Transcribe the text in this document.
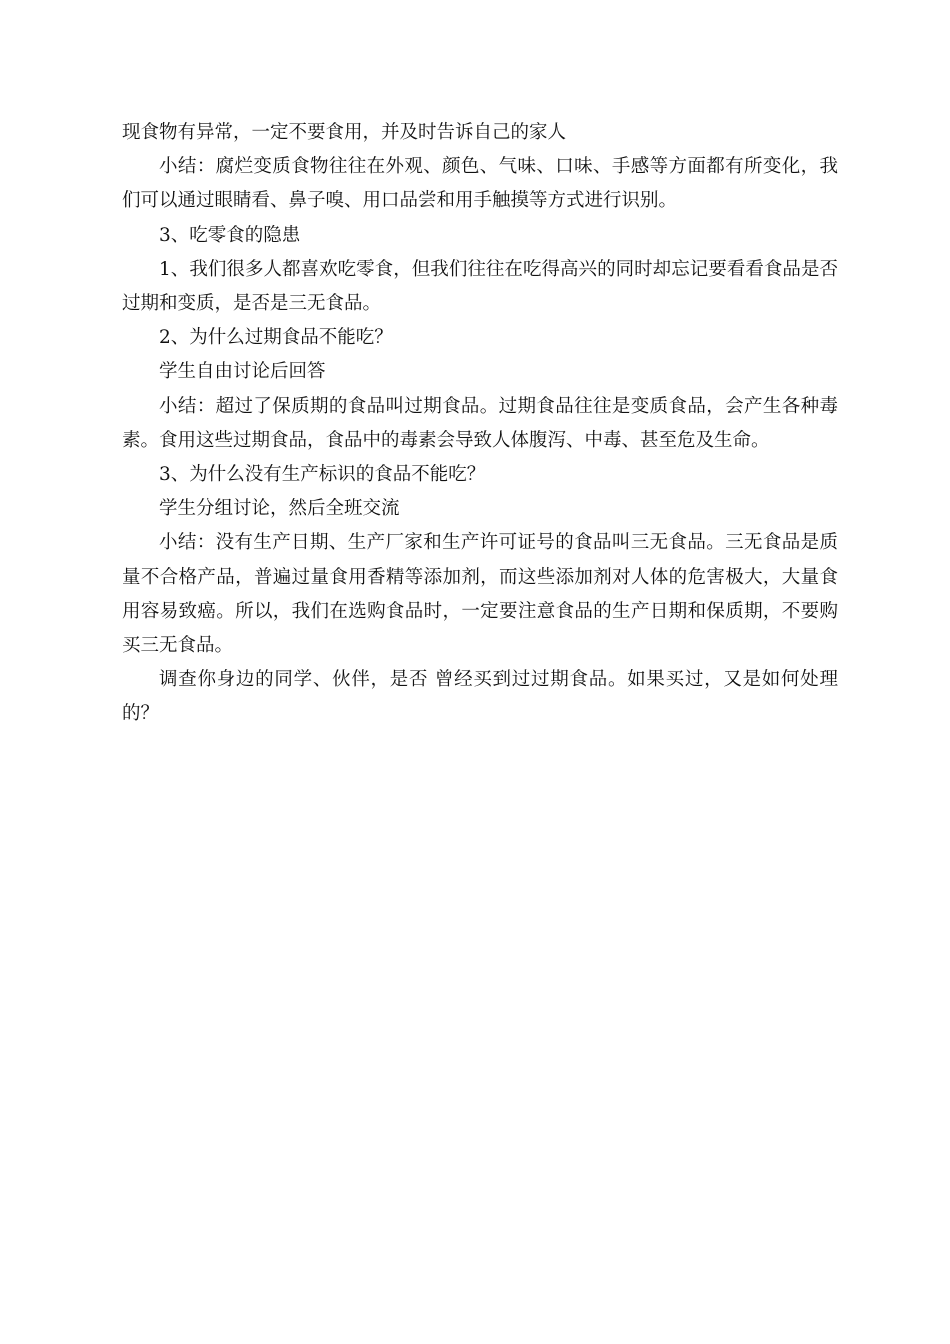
现食物有异常，一定不要食用，并及时告诉自己的家人

小结：腐烂变质食物往往在外观、颜色、气味、口味、手感等方面都有所变化，我们可以通过眼睛看、鼻子嗅、用口品尝和用手触摸等方式进行识别。

3、吃零食的隐患

1、我们很多人都喜欢吃零食，但我们往往在吃得高兴的同时却忘记要看看食品是否过期和变质，是否是三无食品。

2、为什么过期食品不能吃？

学生自由讨论后回答

小结：超过了保质期的食品叫过期食品。过期食品往往是变质食品，会产生各种毒素。食用这些过期食品，食品中的毒素会导致人体腹泻、中毒、甚至危及生命。

3、为什么没有生产标识的食品不能吃？

学生分组讨论，然后全班交流

小结：没有生产日期、生产厂家和生产许可证号的食品叫三无食品。三无食品是质量不合格产品，普遍过量食用香精等添加剂，而这些添加剂对人体的危害极大，大量食用容易致癌。所以，我们在选购食品时，一定要注意食品的生产日期和保质期，不要购买三无食品。

调查你身边的同学、伙伴，是否 曾经买到过过期食品。如果买过，又是如何处理的？
